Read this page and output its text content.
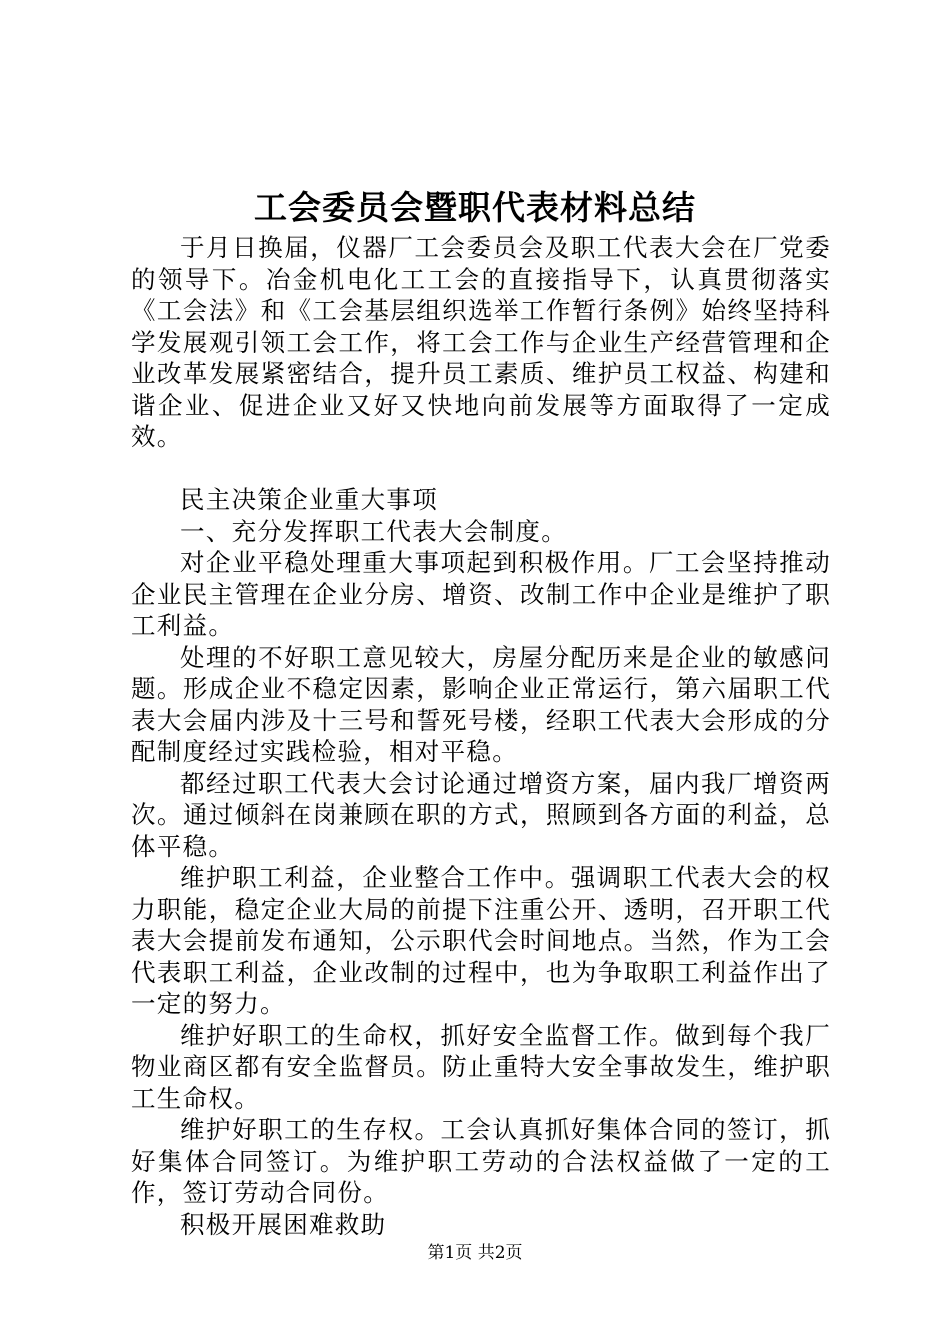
工会委员会暨职代表材料总结

于月日换届，仪器厂工会委员会及职工代表大会在厂党委的领导下。冶金机电化工工会的直接指导下，认真贯彻落实《工会法》和《工会基层组织选举工作暂行条例》始终坚持科学发展观引领工会工作，将工会工作与企业生产经营管理和企业改革发展紧密结合，提升员工素质、维护员工权益、构建和谐企业、促进企业又好又快地向前发展等方面取得了一定成效。

民主决策企业重大事项

一、充分发挥职工代表大会制度。

对企业平稳处理重大事项起到积极作用。厂工会坚持推动企业民主管理在企业分房、增资、改制工作中企业是维护了职工利益。

处理的不好职工意见较大，房屋分配历来是企业的敏感问题。形成企业不稳定因素，影响企业正常运行，第六届职工代表大会届内涉及十三号和誓死号楼，经职工代表大会形成的分配制度经过实践检验，相对平稳。

都经过职工代表大会讨论通过增资方案，届内我厂增资两次。通过倾斜在岗兼顾在职的方式，照顾到各方面的利益，总体平稳。

维护职工利益，企业整合工作中。强调职工代表大会的权力职能，稳定企业大局的前提下注重公开、透明，召开职工代表大会提前发布通知，公示职代会时间地点。当然，作为工会代表职工利益，企业改制的过程中，也为争取职工利益作出了一定的努力。

维护好职工的生命权，抓好安全监督工作。做到每个我厂物业商区都有安全监督员。防止重特大安全事故发生，维护职工生命权。

维护好职工的生存权。工会认真抓好集体合同的签订，抓好集体合同签订。为维护职工劳动的合法权益做了一定的工作，签订劳动合同份。

积极开展困难救助

第1页 共2页
